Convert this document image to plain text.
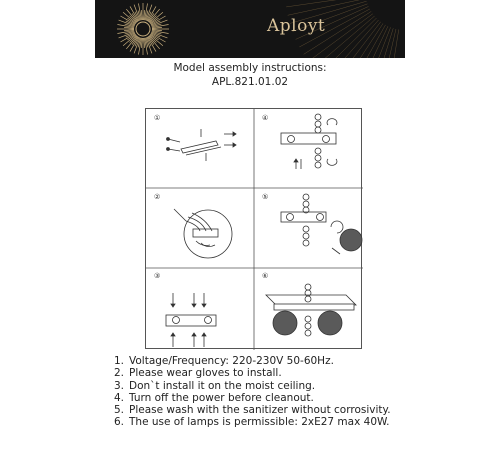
Aployt
Model assembly instructions:
APL.821.01.02
①	④
②	⑤
③	⑥
1. Voltage/Frequency: 220-230V 50-60Hz.
2. Please wear gloves to install.
3. Don`t install it on the moist ceiling.
4. Turn off the power before cleanout.
5. Please wash with the sanitizer without corrosivity.
6. The use of lamps is permissible: 2xE27 max 40W.
